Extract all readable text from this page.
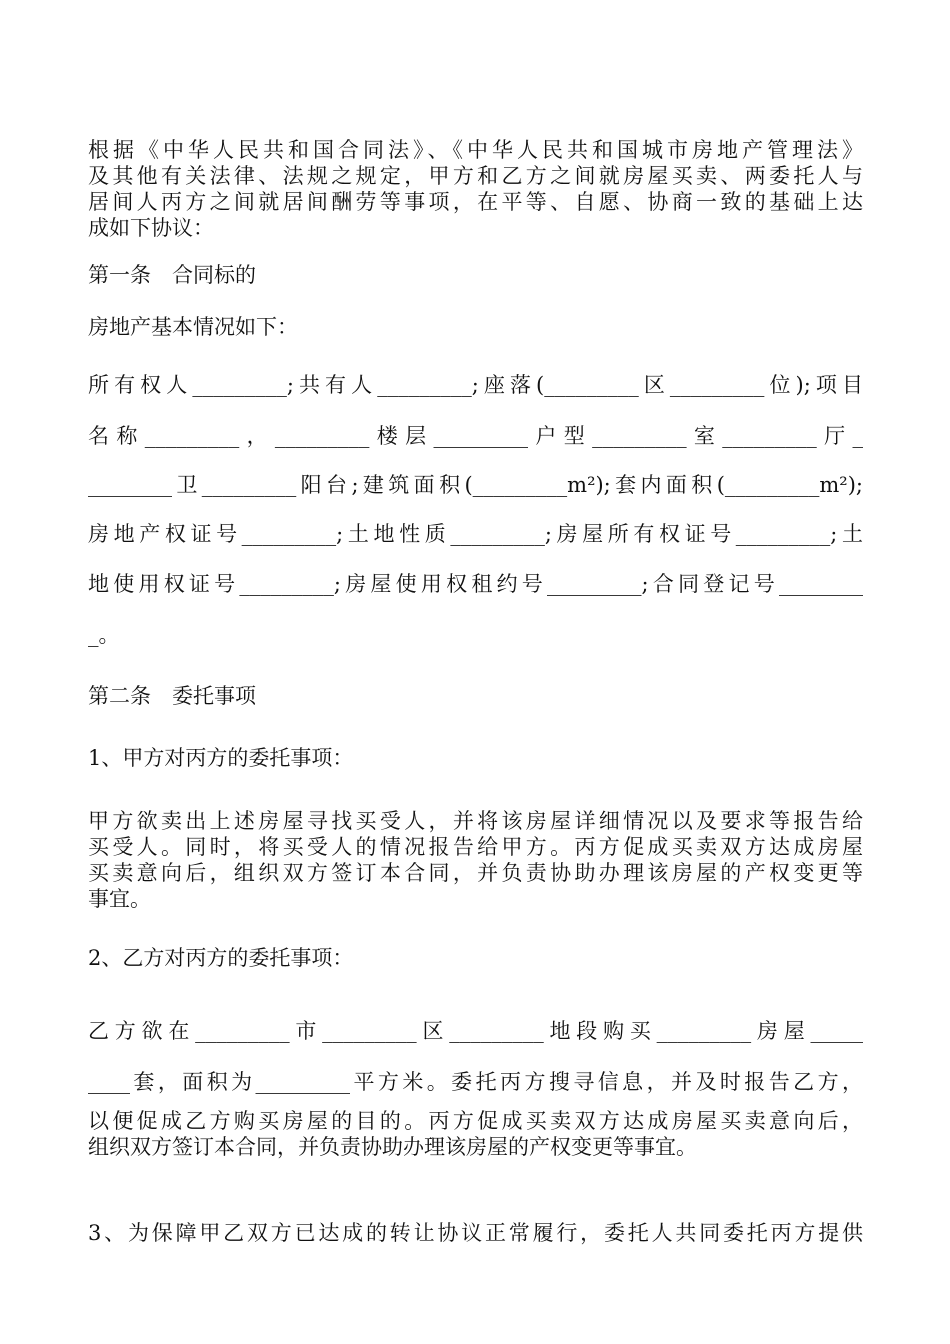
根据《中华人民共和国合同法》、《中华人民共和国城市房地产管理法》
及其他有关法律、法规之规定，甲方和乙方之间就房屋买卖、两委托人与
居间人丙方之间就居间酬劳等事项，在平等、自愿、协商一致的基础上达
成如下协议：
第一条　合同标的
房地产基本情况如下：
所有权人_________;共有人_________;座落(_________区_________位);项目
名称_________，_________楼层_________户型_________室_________厅_
________卫_________阳台;建筑面积(_________m²);套内面积(_________m²);
房地产权证号_________;土地性质_________;房屋所有权证号_________;土
地使用权证号_________;房屋使用权租约号_________;合同登记号________
_。
第二条　委托事项
1、甲方对丙方的委托事项：
甲方欲卖出上述房屋寻找买受人，并将该房屋详细情况以及要求等报告给
买受人。同时，将买受人的情况报告给甲方。丙方促成买卖双方达成房屋
买卖意向后，组织双方签订本合同，并负责协助办理该房屋的产权变更等
事宜。
2、乙方对丙方的委托事项：
乙方欲在_________市_________区_________地段购买_________房屋_____
____套，面积为_________平方米。委托丙方搜寻信息，并及时报告乙方，
以便促成乙方购买房屋的目的。丙方促成买卖双方达成房屋买卖意向后，
组织双方签订本合同，并负责协助办理该房屋的产权变更等事宜。
3、为保障甲乙双方已达成的转让协议正常履行，委托人共同委托丙方提供
